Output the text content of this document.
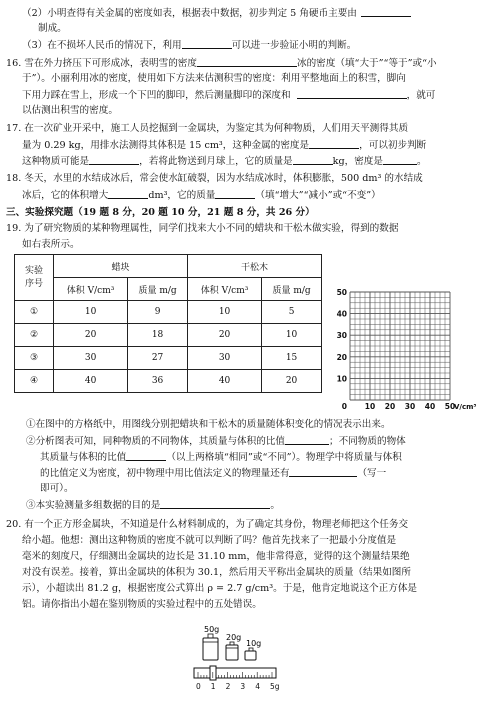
（2）小明查得有关金属的密度如表，根据表中数据，初步判定 5 角硬币主要由
制成。
（3）在不损坏人民币的情况下，利用	可以进一步验证小明的判断。
16. 雪在外力挤压下可形成冰，表明雪的密度	冰的密度（填“大于”“等于”或“小
于”）。小丽利用冰的密度，使用如下方法来估测积雪的密度：利用平整地面上的积雪，脚向
下用力踩在雪上，形成一个下凹的脚印，然后测量脚印的深度和	，就可
以估测出积雪的密度。
17. 在一次矿业开采中，施工人员挖掘到一金属块，为鉴定其为何种物质，人们用天平测得其质
量为 0.29 kg，用排水法测得其体积是 15 cm³，这种金属的密度是	，可以初步判断
这种物质可能是	，若将此物送到月球上，它的质量是	kg，密度是	。
18. 冬天，水里的水结成冰后，常会使水缸破裂，因为水结成冰时，体积膨胀，500 dm³ 的水结成
冰后，它的体积增大	dm³，它的质量	（填“增大”“减小”或“不变”）
三、实验探究题（19 题 8 分，20 题 10 分，21 题 8 分，共 26 分）
19. 为了研究物质的某种物理属性，同学们找来大小不同的蜡块和干松木做实验，得到的数据
如右表所示。
实验
序号	蜡块		干松木	
	体积 V/cm³	质量 m/g	体积 V/cm³	质量 m/g
①	10	9	10	5
②	20	18	20	10
③	30	27	30	15
④	40	36	40	20
50
40
30
20
10
0 10 20 30 40 50
V/cm³
①在图中的方格纸中，用图线分别把蜡块和干松木的质量随体积变化的情况表示出来。
②分析图表可知，同种物质的不同物体，其质量与体积的比值	；不同物质的物体
其质量与体积的比值	（以上两格填“相同”或“不同”）。物理学中将质量与体积
的比值定义为密度，初中物理中用比值法定义的物理量还有	（写一
即可）。
③本实验测量多组数据的目的是	。
20. 有一个正方形金属块，不知道是什么材料制成的，为了确定其身份，物理老师把这个任务交
给小超。他想：测出这种物质的密度不就可以判断了吗？他首先找来了一把最小分度值是
毫米的刻度尺，仔细测出金属块的边长是 31.10 mm，他非常得意，觉得的这个测量结果绝
对没有误差。接着，算出金属块的体积为 30.1，然后用天平称出金属块的质量（结果如图所
示），小超读出 81.2 g，根据密度公式算出 ρ = 2.7 g/cm³。于是，他肯定地说这个正方体是
铝。请你指出小超在鉴别物质的实验过程中的五处错误。
50g
20g
10g
0 1 2 3 4 5g
